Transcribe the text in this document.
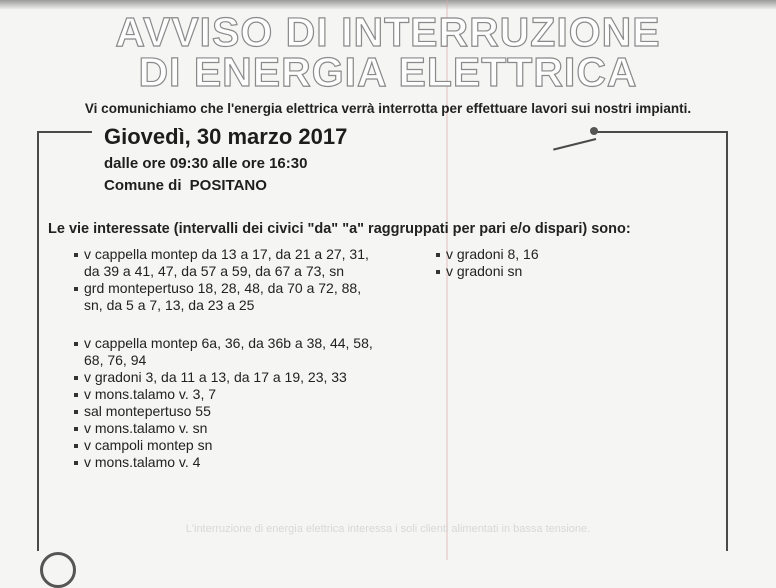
AVVISO DI INTERRUZIONE
DI ENERGIA ELETTRICA
Vi comunichiamo che l'energia elettrica verrà interrotta per effettuare lavori sui nostri impianti.
Giovedì, 30 marzo 2017
dalle ore 09:30 alle ore 16:30
Comune di POSITANO
Le vie interessate (intervalli dei civici "da" "a" raggruppati per pari e/o dispari) sono:
v cappella montep da 13 a 17, da 21 a 27, 31, da 39 a 41, 47, da 57 a 59, da 67 a 73, sn
grd montepertuso 18, 28, 48, da 70 a 72, 88, sn, da 5 a 7, 13, da 23 a 25
v cappella montep 6a, 36, da 36b a 38, 44, 58, 68, 76, 94
v gradoni 3, da 11 a 13, da 17 a 19, 23, 33
v mons.talamo v. 3, 7
sal montepertuso 55
v mons.talamo v. sn
v campoli montep sn
v mons.talamo v. 4
v gradoni 8, 16
v gradoni sn
L'interruzione di energia elettrica interessa i soli clienti alimentati in bassa tensione.
